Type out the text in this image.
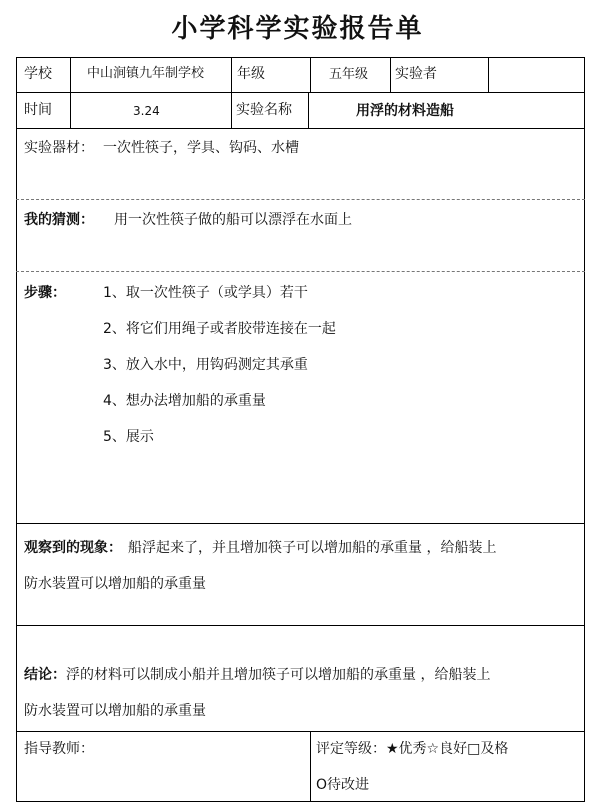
小学科学实验报告单
学校	中山涧镇九年制学校 年级	五年级 实验者
时间	3.24	实验名称	用浮的材料造船
实验器材： 一次性筷子，学具、钩码、水槽
我的猜测： 用一次性筷子做的船可以漂浮在水面上
步骤：	1、取一次性筷子（或学具）若干
2、将它们用绳子或者胶带连接在一起
3、放入水中，用钩码测定其承重
4、想办法增加船的承重量
5、展示
观察到的现象： 船浮起来了，并且增加筷子可以增加船的承重量 ，给船装上
防水装置可以增加船的承重量
结论：浮的材料可以制成小船并且增加筷子可以增加船的承重量 ，给船装上
防水装置可以增加船的承重量
指导教师：	评定等级：★优秀☆良好□及格
O待改进
